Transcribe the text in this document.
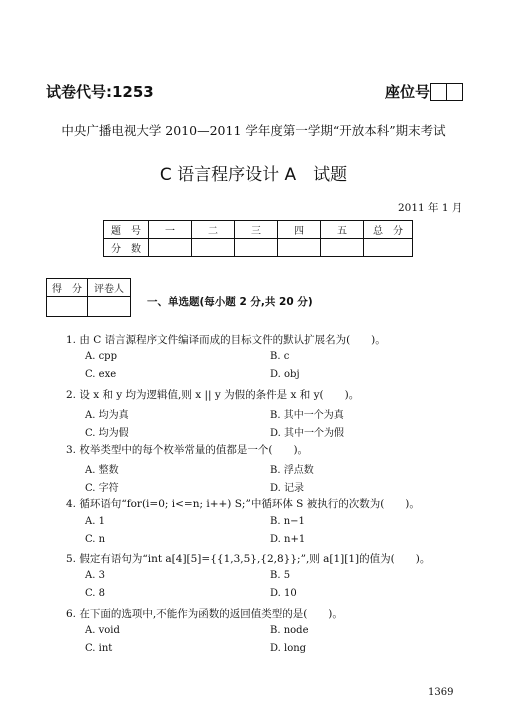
试卷代号:1253	座位号
中央广播电视大学 2010—2011 学年度第一学期“开放本科”期末考试
C 语言程序设计 A　试题
2011 年 1 月
题　号	一	二	三	四	五	总　分
分　数						
得　分	评卷人

一、单选题(每小题 2 分,共 20 分)
1. 由 C 语言源程序文件编译而成的目标文件的默认扩展名为(　　)。
A. cpp	B. c
C. exe	D. obj
2. 设 x 和 y 均为逻辑值,则 x || y 为假的条件是 x 和 y(　　)。
A. 均为真	B. 其中一个为真
C. 均为假	D. 其中一个为假
3. 枚举类型中的每个枚举常量的值都是一个(　　)。
A. 整数	B. 浮点数
C. 字符	D. 记录
4. 循环语句“for(i=0; i<=n; i++) S;”中循环体 S 被执行的次数为(　　)。
A. 1	B. n−1
C. n	D. n+1
5. 假定有语句为“int a[4][5]={{1,3,5},{2,8}};”,则 a[1][1]的值为(　　)。
A. 3	B. 5
C. 8	D. 10
6. 在下面的选项中,不能作为函数的返回值类型的是(　　)。
A. void	B. node
C. int	D. long
1369
